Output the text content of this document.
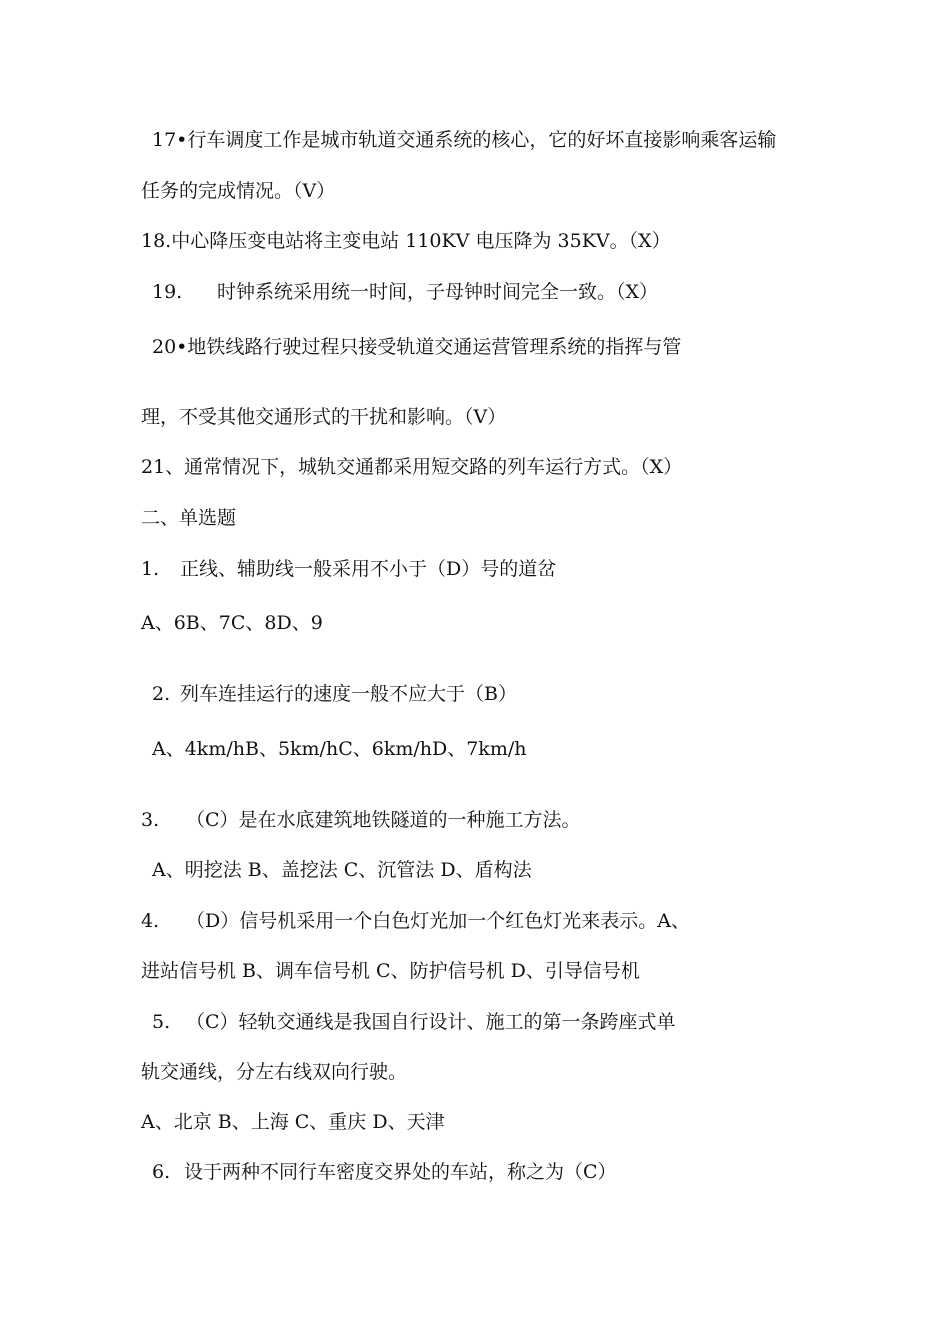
17•行车调度工作是城市轨道交通系统的核心，它的好坏直接影响乘客运输
任务的完成情况。（V）
18.中心降压变电站将主变电站 110KV 电压降为 35KV。（X）
19. 时钟系统采用统一时间，子母钟时间完全一致。（X）
20•地铁线路行驶过程只接受轨道交通运营管理系统的指挥与管
理，不受其他交通形式的干扰和影响。（V）
21、通常情况下，城轨交通都采用短交路的列车运行方式。（X）
二、单选题
1. 正线、辅助线一般采用不小于（D）号的道岔
A、6B、7C、8D、9
2. 列车连挂运行的速度一般不应大于（B）
A、4km/hB、5km/hC、6km/hD、7km/h
3. （C）是在水底建筑地铁隧道的一种施工方法。
A、明挖法 B、盖挖法 C、沉管法 D、盾构法
4. （D）信号机采用一个白色灯光加一个红色灯光来表示。A、
进站信号机 B、调车信号机 C、防护信号机 D、引导信号机
5. （C）轻轨交通线是我国自行设计、施工的第一条跨座式单
轨交通线，分左右线双向行驶。
A、北京 B、上海 C、重庆 D、天津
6. 设于两种不同行车密度交界处的车站，称之为（C）
